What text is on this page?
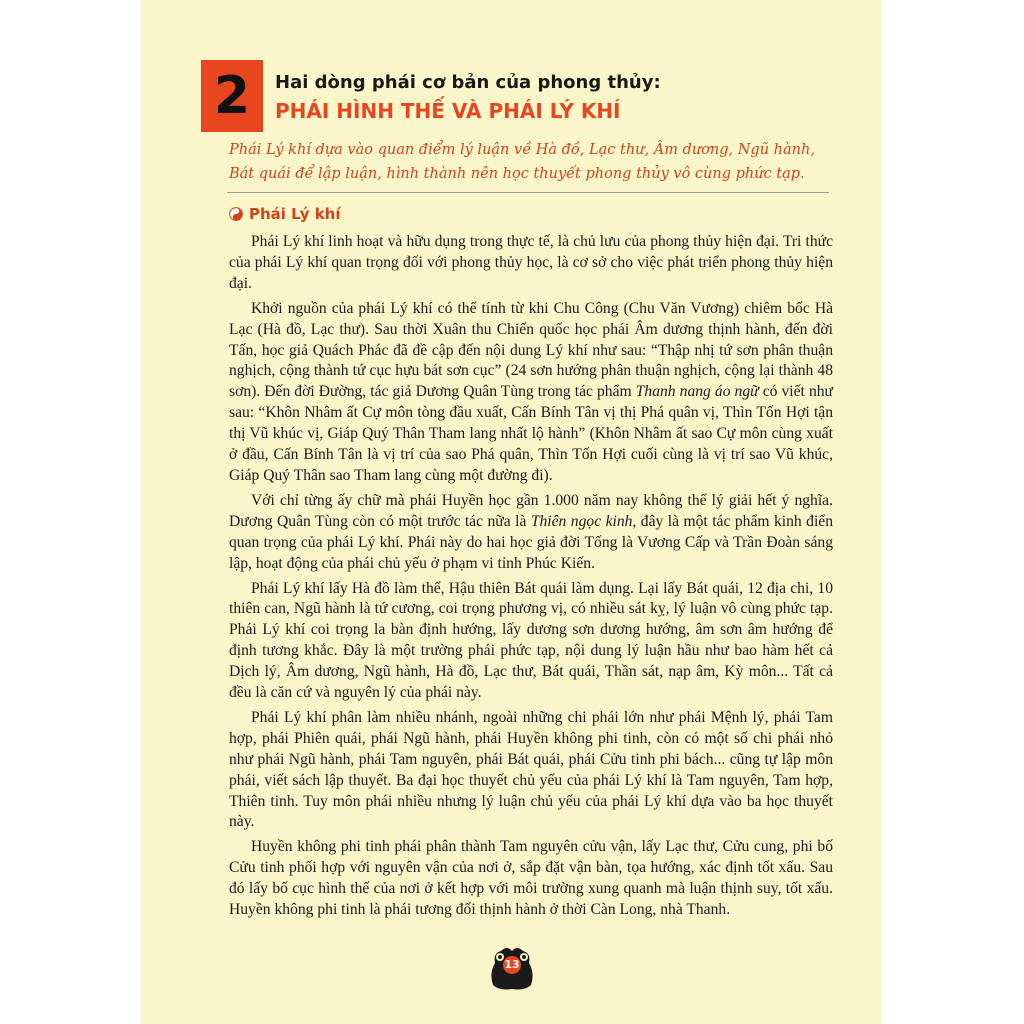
2 Hai dòng phái cơ bản của phong thủy:
PHÁI HÌNH THẾ VÀ PHÁI LÝ KHÍ
Phái Lý khí dựa vào quan điểm lý luận về Hà đồ, Lạc thư, Âm dương, Ngũ hành, Bát quái để lập luận, hình thành nên học thuyết phong thủy vô cùng phức tạp.
Phái Lý khí

Phái Lý khí linh hoạt và hữu dụng trong thực tế, là chủ lưu của phong thủy hiện đại. Tri thức của phái Lý khí quan trọng đối với phong thủy học, là cơ sở cho việc phát triển phong thủy hiện đại.

Khởi nguồn của phái Lý khí có thể tính từ khi Chu Công (Chu Văn Vương) chiêm bốc Hà Lạc (Hà đồ, Lạc thư). Sau thời Xuân thu Chiến quốc học phái Âm dương thịnh hành, đến đời Tấn, học giả Quách Phác đã đề cập đến nội dung Lý khí như sau: “Thập nhị tứ sơn phân thuận nghịch, cộng thành tứ cục hựu bát sơn cục” (24 sơn hướng phân thuận nghịch, cộng lại thành 48 sơn). Đến đời Đường, tác giả Dương Quân Tùng trong tác phẩm Thanh nang áo ngữ có viết như sau: “Khôn Nhâm ất Cự môn tòng đầu xuất, Cấn Bính Tân vị thị Phá quân vị, Thìn Tốn Hợi tận thị Vũ khúc vị, Giáp Quý Thân Tham lang nhất lộ hành” (Khôn Nhâm ất sao Cự môn cùng xuất ở đầu, Cấn Bính Tân là vị trí của sao Phá quân, Thìn Tốn Hợi cuối cùng là vị trí sao Vũ khúc, Giáp Quý Thân sao Tham lang cùng một đường đi).

Với chỉ từng ấy chữ mà phái Huyền học gần 1.000 năm nay không thể lý giải hết ý nghĩa. Dương Quân Tùng còn có một trước tác nữa là Thiên ngọc kinh, đây là một tác phẩm kinh điển quan trọng của phái Lý khí. Phái này do hai học giả đời Tống là Vương Cấp và Trần Đoàn sáng lập, hoạt động của phái chủ yếu ở phạm vi tỉnh Phúc Kiến.

Phái Lý khí lấy Hà đồ làm thể, Hậu thiên Bát quái làm dụng. Lại lấy Bát quái, 12 địa chi, 10 thiên can, Ngũ hành là tứ cương, coi trọng phương vị, có nhiều sát kỵ, lý luận vô cùng phức tạp. Phái Lý khí coi trọng la bàn định hướng, lấy dương sơn dương hướng, âm sơn âm hướng để định tương khắc. Đây là một trường phái phức tạp, nội dung lý luận hầu như bao hàm hết cả Dịch lý, Âm dương, Ngũ hành, Hà đồ, Lạc thư, Bát quái, Thần sát, nạp âm, Kỳ môn... Tất cả đều là căn cứ và nguyên lý của phái này.

Phái Lý khí phân làm nhiều nhánh, ngoài những chi phái lớn như phái Mệnh lý, phái Tam hợp, phái Phiên quái, phái Ngũ hành, phái Huyền không phi tinh, còn có một số chi phái nhỏ như phái Ngũ hành, phái Tam nguyên, phái Bát quái, phái Cửu tinh phi bách... cũng tự lập môn phái, viết sách lập thuyết. Ba đại học thuyết chủ yếu của phái Lý khí là Tam nguyên, Tam hợp, Thiên tinh. Tuy môn phái nhiều nhưng lý luận chủ yếu của phái Lý khí dựa vào ba học thuyết này.

Huyền không phi tinh phái phân thành Tam nguyên cửu vận, lấy Lạc thư, Cửu cung, phi bố Cửu tinh phối hợp với nguyên vận của nơi ở, sắp đặt vận bàn, tọa hướng, xác định tốt xấu. Sau đó lấy bố cục hình thế của nơi ở kết hợp với môi trường xung quanh mà luận thịnh suy, tốt xấu. Huyền không phi tinh là phái tương đối thịnh hành ở thời Càn Long, nhà Thanh.

13
